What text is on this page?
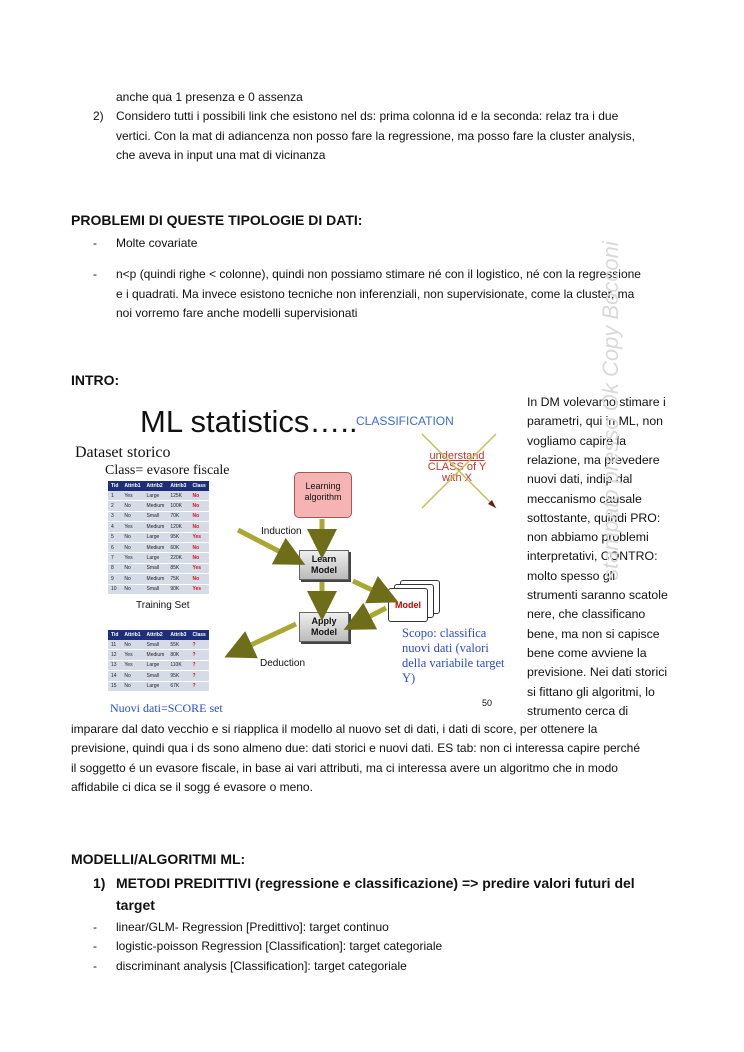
anche qua 1 presenza e 0 assenza
2) Considero tutti i possibili link che esistono nel ds: prima colonna id e la seconda: relaz tra i due
vertici. Con la mat di adiancenza non posso fare la regressione, ma posso fare la cluster analysis,
che aveva in input una mat di vicinanza
PROBLEMI DI QUESTE TIPOLOGIE DI DATI:
- Molte covariate
- n<p (quindi righe < colonne), quindi non possiamo stimare né con il logistico, né con la regressione
e i quadrati. Ma invece esistono tecniche non inferenziali, non supervisionate, come la cluster, ma
noi vorremo fare anche modelli supervisionati
INTRO:
In DM volevamo stimare i
parametri, qui in ML, non
vogliamo capire la
relazione, ma prevedere
nuovi dati, indip dal
meccanismo causale
sottostante, quindi PRO:
non abbiamo problemi
interpretativi, CONTRO:
molto spesso gli
strumenti saranno scatole
nere, che classificano
bene, ma non si capisce
bene come avviene la
previsione. Nei dati storici
si fittano gli algoritmi, lo
strumento cerca di
ML statistics…..
CLASSIFICATION
understand
CLASS of Y
with X
Dataset storico
Class= evasore fiscale
Tid	Attrib1	Attrib2	Attrib3	Class
1	Yes	Large	125K	No
2	No	Medium	100K	No
3	No	Small	70K	No
4	Yes	Medium	120K	No
5	No	Large	95K	Yes
6	No	Medium	60K	No
7	Yes	Large	220K	No
8	No	Small	85K	Yes
9	No	Medium	75K	No
10	No	Small	90K	Yes
Training Set
Learning
algorithm
Induction
Learn
Model
Apply
Model
Model
Scopo: classifica
nuovi dati (valori
della variabile target
Y)
Deduction
Tid	Attrib1	Attrib2	Attrib3	Class
11	No	Small	55K	?
12	Yes	Medium	80K	?
13	Yes	Large	110K	?
14	No	Small	95K	?
15	No	Large	67K	?
Nuovi dati=SCORE set	50
imparare dal dato vecchio e si riapplica il modello al nuovo set di dati, i dati di score, per ottenere la
previsione, quindi qua i ds sono almeno due: dati storici e nuovi dati. ES tab: non ci interessa capire perché
il soggetto é un evasore fiscale, in base ai vari attributi, ma ci interessa avere un algoritmo che in modo
affidabile ci dica se il sogg é evasore o meno.
MODELLI/ALGORITMI ML:
1) METODI PREDITTIVI (regressione e classificazione) => predire valori futuri del
target
- linear/GLM- Regression [Predittivo]: target continuo
- logistic-poisson Regression [Classification]: target categoriale
- discriminant analysis [Classification]: target categoriale
stampato presso Ok Copy Bocconi
